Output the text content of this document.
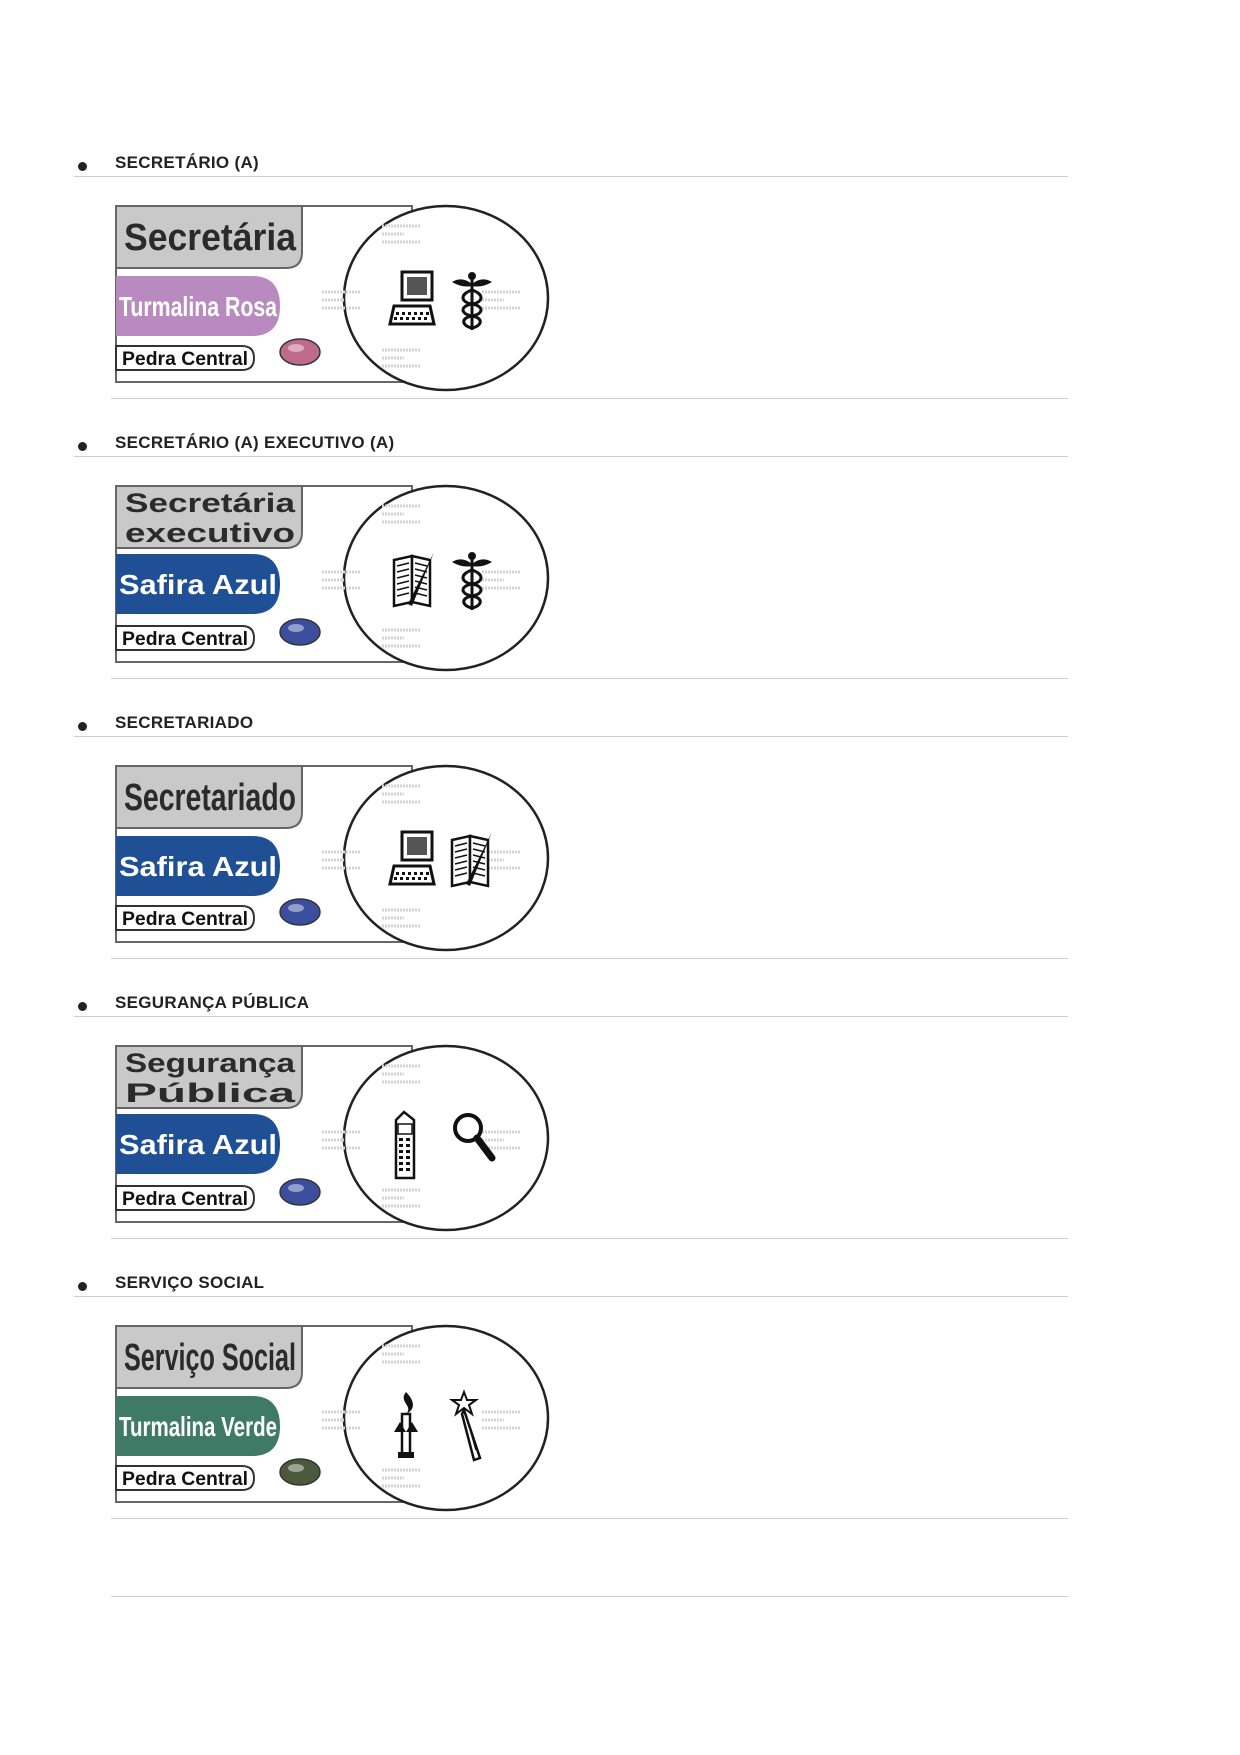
SECRETÁRIO (A)
Secretária
Turmalina Rosa
Pedra Central
SECRETÁRIO (A) EXECUTIVO (A)
Secretária
executivo
Safira Azul
Pedra Central
SECRETARIADO
Secretariado
Safira Azul
Pedra Central
SEGURANÇA PÚBLICA
Segurança
Pública
Safira Azul
Pedra Central
SERVIÇO SOCIAL
Serviço Social
Turmalina Verde
Pedra Central
